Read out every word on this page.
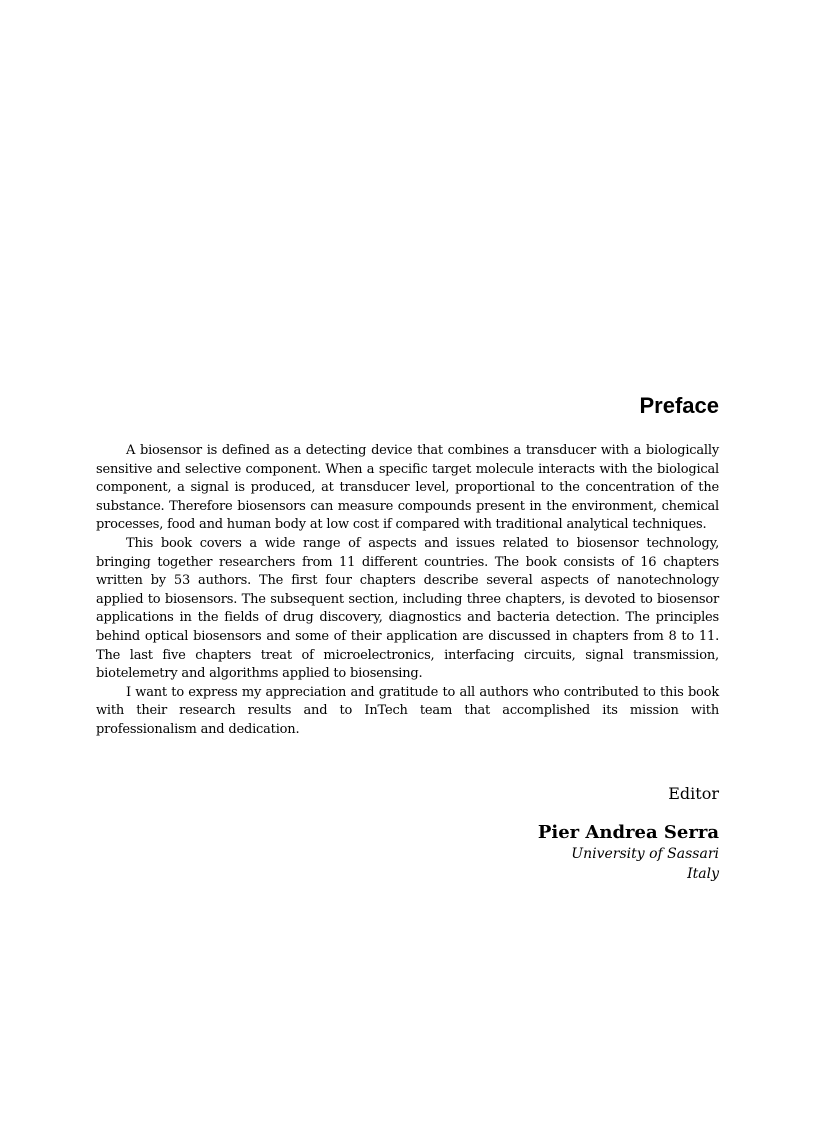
Preface

A biosensor is defined as a detecting device that combines a transducer with a biologically sensitive and selective component. When a specific target molecule interacts with the biological component, a signal is produced, at transducer level, proportional to the concentration of the substance. Therefore biosensors can measure compounds present in the environment, chemical processes, food and human body at low cost if compared with traditional analytical techniques.

This book covers a wide range of aspects and issues related to biosensor technology, bringing together researchers from 11 different countries. The book consists of 16 chapters written by 53 authors. The first four chapters describe several aspects of nanotechnology applied to biosensors. The subsequent section, including three chapters, is devoted to biosensor applications in the fields of drug discovery, diagnostics and bacteria detection. The principles behind optical biosensors and some of their application are discussed in chapters from 8 to 11. The last five chapters treat of microelectronics, interfacing circuits, signal transmission, biotelemetry and algorithms applied to biosensing.

I want to express my appreciation and gratitude to all authors who contributed to this book with their research results and to InTech team that accomplished its mission with professionalism and dedication.

Editor
Pier Andrea Serra
University of Sassari
Italy
